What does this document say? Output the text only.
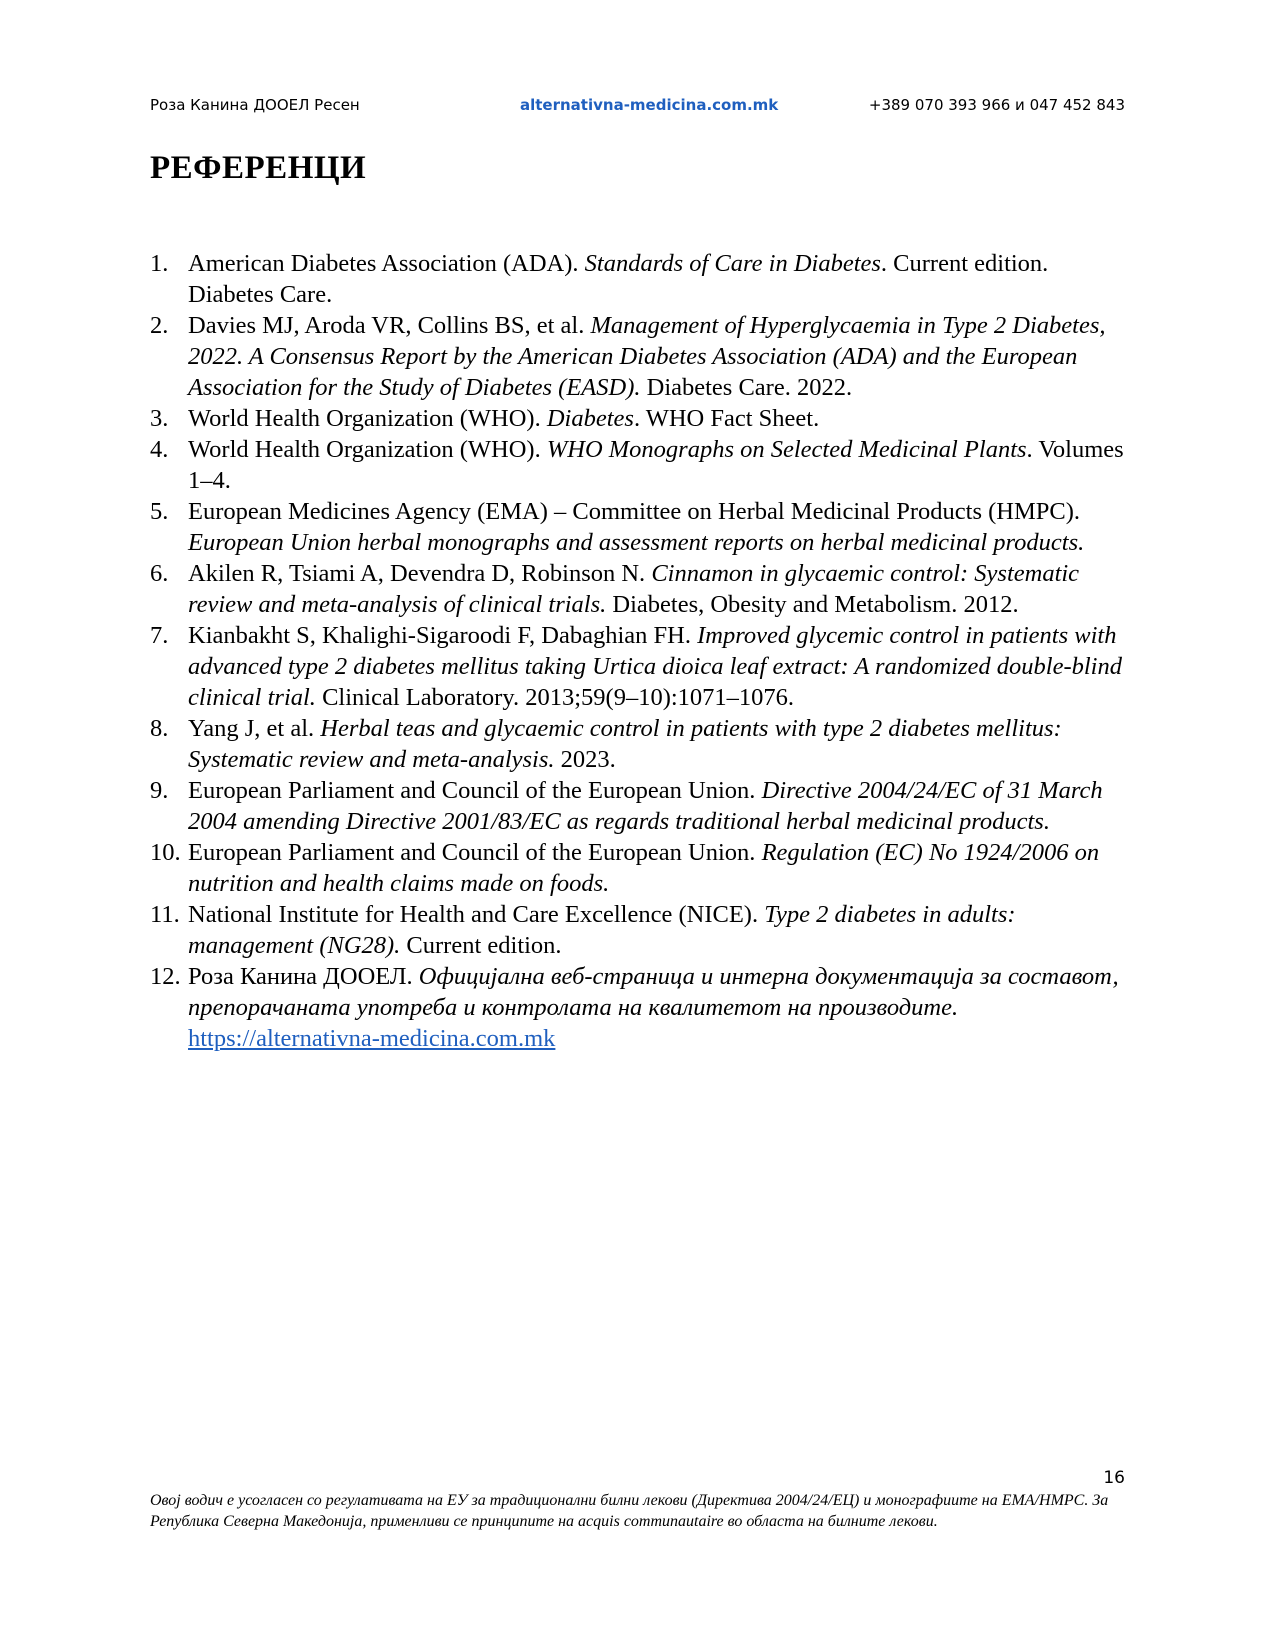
Роза Канина ДООЕЛ Ресен	alternativna-medicina.com.mk	+389 070 393 966 и 047 452 843
РЕФЕРЕНЦИ
1. American Diabetes Association (ADA). Standards of Care in Diabetes. Current edition. Diabetes Care.
2. Davies MJ, Aroda VR, Collins BS, et al. Management of Hyperglycaemia in Type 2 Diabetes, 2022. A Consensus Report by the American Diabetes Association (ADA) and the European Association for the Study of Diabetes (EASD). Diabetes Care. 2022.
3. World Health Organization (WHO). Diabetes. WHO Fact Sheet.
4. World Health Organization (WHO). WHO Monographs on Selected Medicinal Plants. Volumes 1–4.
5. European Medicines Agency (EMA) – Committee on Herbal Medicinal Products (HMPC). European Union herbal monographs and assessment reports on herbal medicinal products.
6. Akilen R, Tsiami A, Devendra D, Robinson N. Cinnamon in glycaemic control: Systematic review and meta-analysis of clinical trials. Diabetes, Obesity and Metabolism. 2012.
7. Kianbakht S, Khalighi-Sigaroodi F, Dabaghian FH. Improved glycemic control in patients with advanced type 2 diabetes mellitus taking Urtica dioica leaf extract: A randomized double-blind clinical trial. Clinical Laboratory. 2013;59(9–10):1071–1076.
8. Yang J, et al. Herbal teas and glycaemic control in patients with type 2 diabetes mellitus: Systematic review and meta-analysis. 2023.
9. European Parliament and Council of the European Union. Directive 2004/24/EC of 31 March 2004 amending Directive 2001/83/EC as regards traditional herbal medicinal products.
10. European Parliament and Council of the European Union. Regulation (EC) No 1924/2006 on nutrition and health claims made on foods.
11. National Institute for Health and Care Excellence (NICE). Type 2 diabetes in adults: management (NG28). Current edition.
12. Роза Канина ДООЕЛ. Официјална веб-страница и интерна документација за составот, препорачаната употреба и контролата на квалитетот на производите. https://alternativna-medicina.com.mk
16
Овој водич е усогласен со регулативата на ЕУ за традиционални билни лекови (Директива 2004/24/ЕЦ) и монографиите на EMA/HMPC. За Република Северна Македонија, применливи се принципите на acquis communautaire во областа на билните лекови.
